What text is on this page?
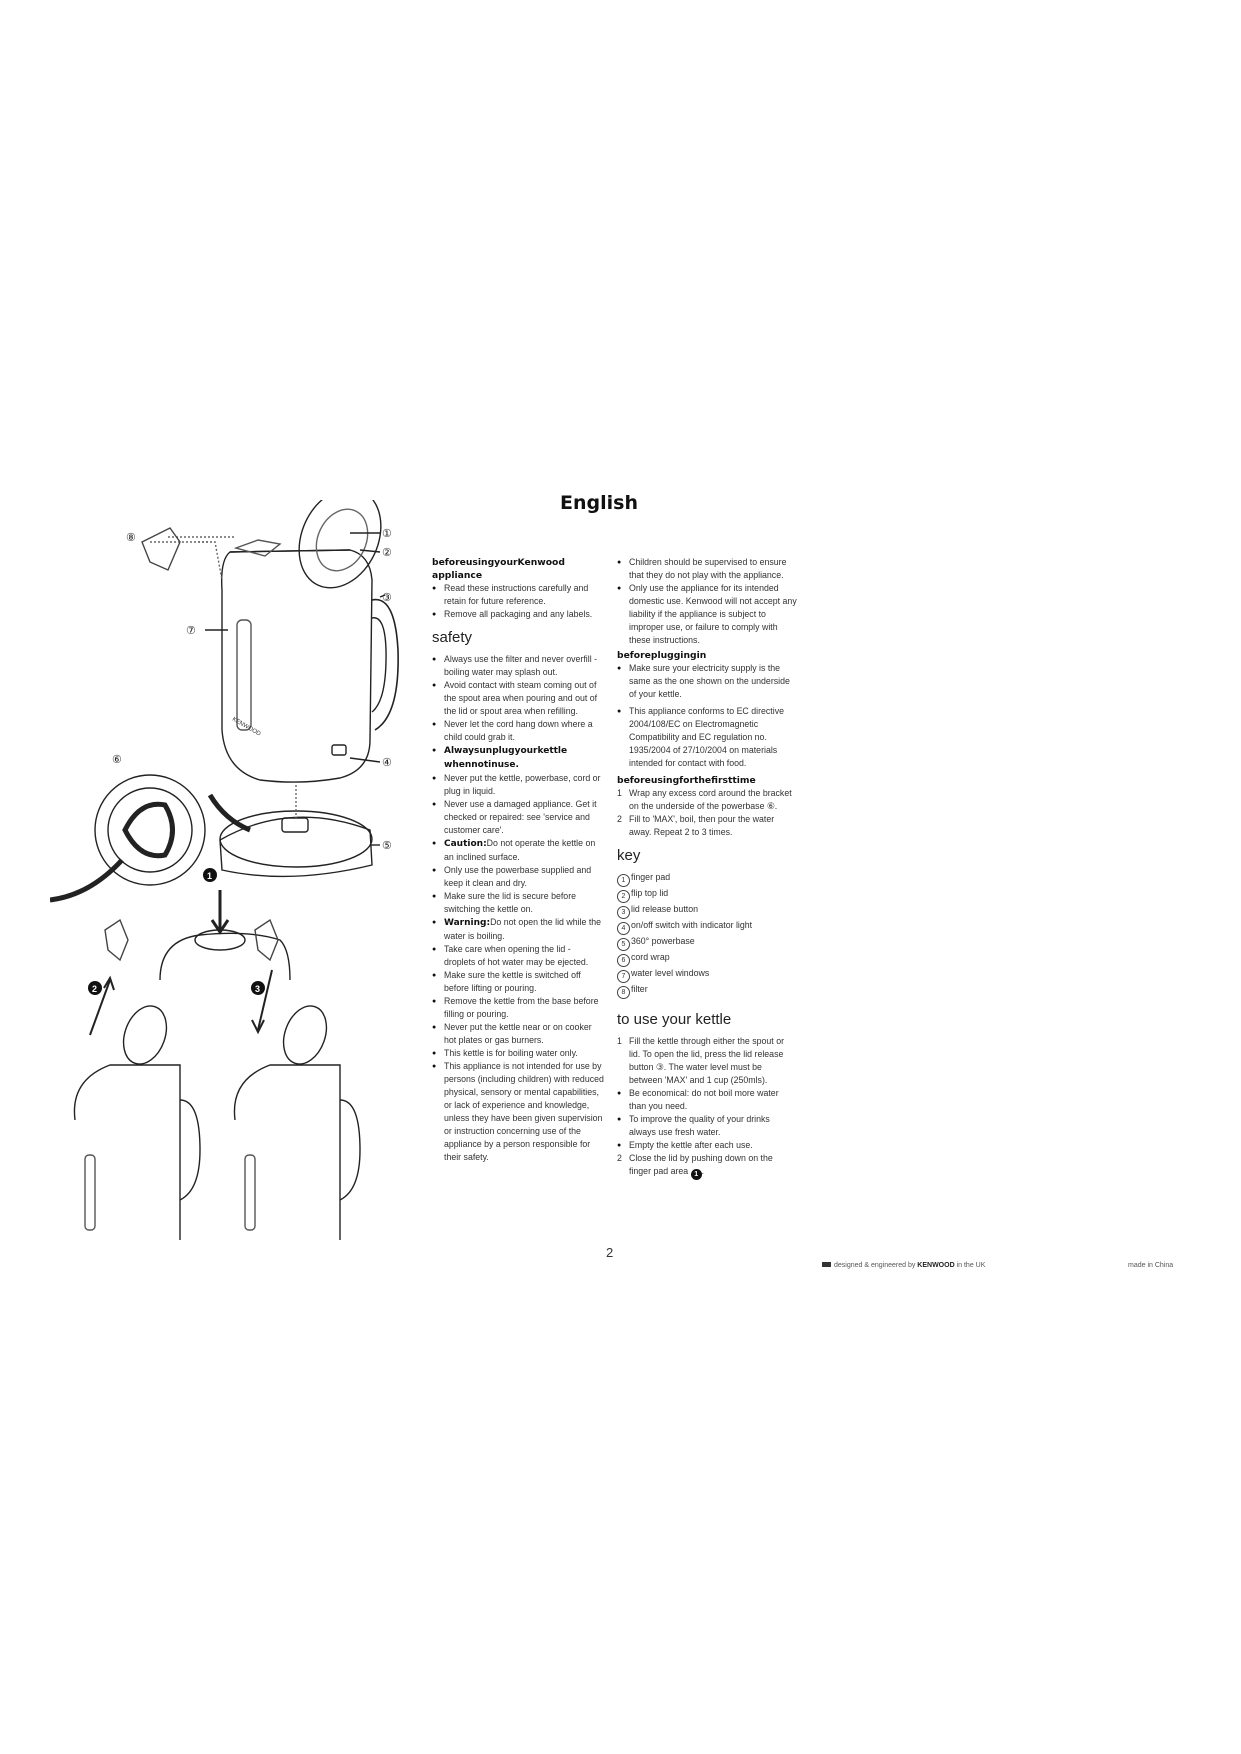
English
KENWOOD
①
②
③
④
⑤
⑥
⑦
⑧
1
2	3

beforeusingyourKenwood appliance

● Read these instructions carefully and retain for future reference.
● Remove all packaging and any labels.

safety

● Always use the filter and never overfill - boiling water may splash out.
● Avoid contact with steam coming out of the spout area when pouring and out of the lid or spout area when refilling.
● Never let the cord hang down where a child could grab it.
● Alwaysunplugyourkettle whennotinuse.
● Never put the kettle, powerbase, cord or plug in liquid.
● Never use a damaged appliance. Get it checked or repaired: see 'service and customer care'.
● Caution:Do not operate the kettle on an inclined surface.
● Only use the powerbase supplied and keep it clean and dry.
● Make sure the lid is secure before switching the kettle on.
● Warning:Do not open the lid while the water is boiling.
● Take care when opening the lid - droplets of hot water may be ejected.
● Make sure the kettle is switched off before lifting or pouring.
● Remove the kettle from the base before filling or pouring.
● Never put the kettle near or on cooker hot plates or gas burners.
● This kettle is for boiling water only.
● This appliance is not intended for use by persons (including children) with reduced physical, sensory or mental capabilities, or lack of experience and knowledge, unless they have been given supervision or instruction concerning use of the appliance by a person responsible for their safety.
● Children should be supervised to ensure that they do not play with the appliance.
● Only use the appliance for its intended domestic use. Kenwood will not accept any liability if the appliance is subject to improper use, or failure to comply with these instructions.

beforepluggingin

● Make sure your electricity supply is the same as the one shown on the underside of your kettle.
● This appliance conforms to EC directive 2004/108/EC on Electromagnetic Compatibility and EC regulation no. 1935/2004 of 27/10/2004 on materials intended for contact with food.

beforeusingforthefirsttime

1 Wrap any excess cord around the bracket on the underside of the powerbase ⑥.
2 Fill to 'MAX', boil, then pour the water away. Repeat 2 to 3 times.

key

1 finger pad
2 flip top lid
3 lid release button
4 on/off switch with indicator light
5 360° powerbase
6 cord wrap
7 water level windows
8 filter

to use your kettle

1 Fill the kettle through either the spout or lid. To open the lid, press the lid release button ③. The water level must be between 'MAX' and 1 cup (250mls).
● Be economical: do not boil more water than you need.
● To improve the quality of your drinks always use fresh water.
● Empty the kettle after each use.
2 Close the lid by pushing down on the finger pad area 1 .
2
designed & engineered by KENWOOD in the UK	made in China
